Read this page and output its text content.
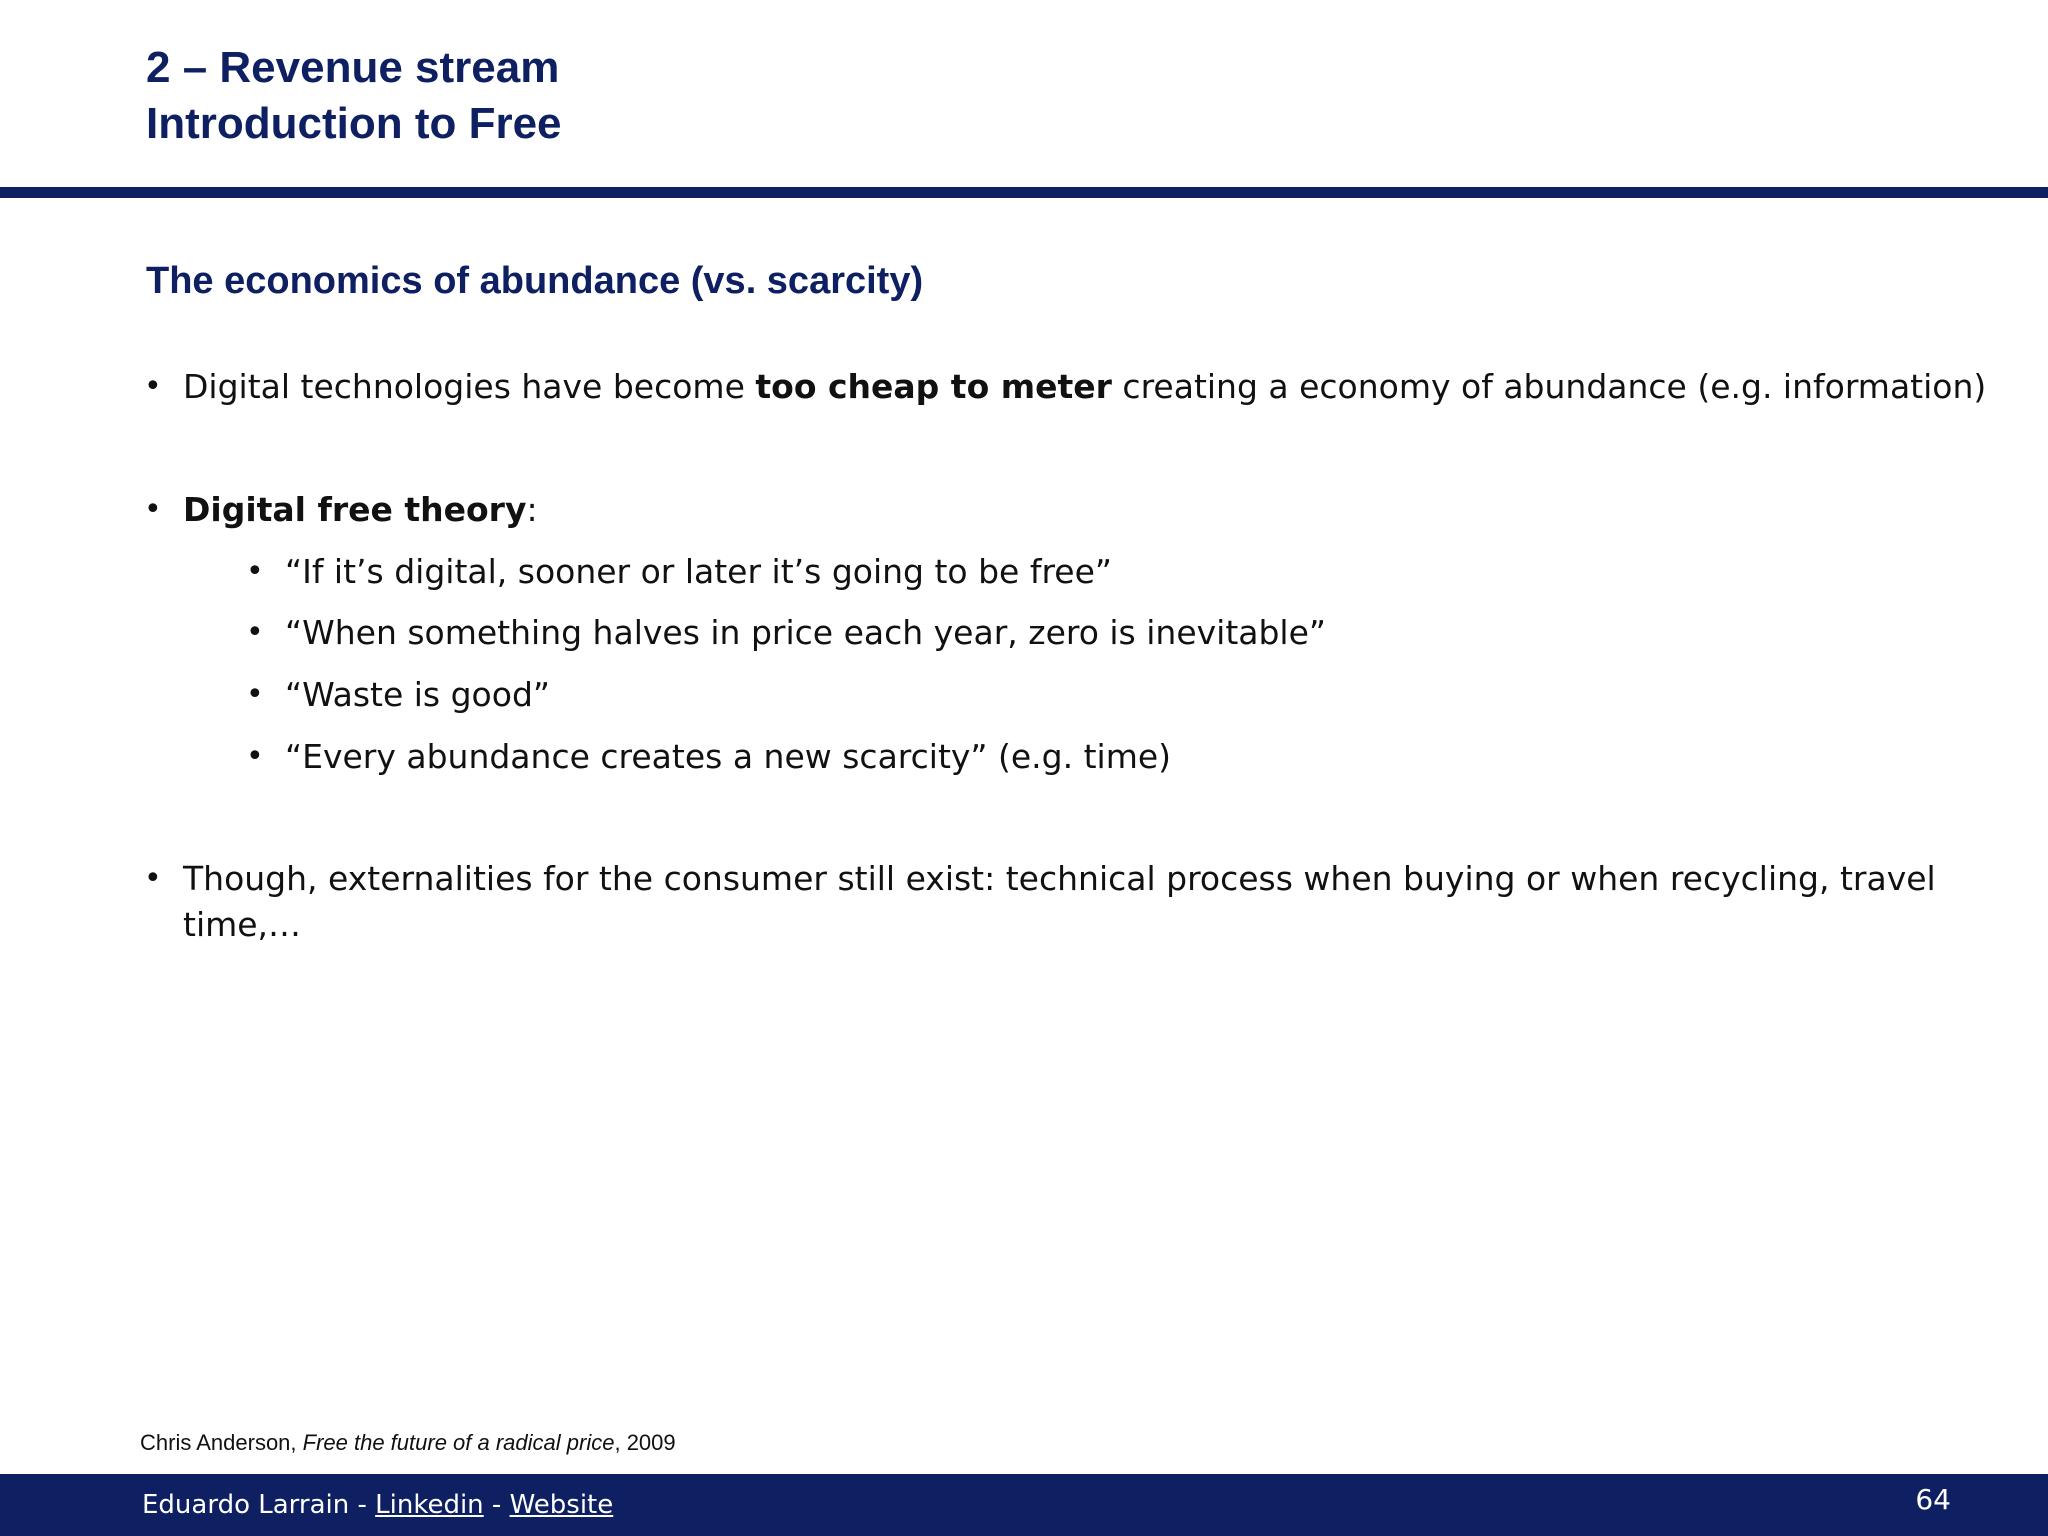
2 – Revenue stream
Introduction to Free
The economics of abundance (vs. scarcity)
• Digital technologies have become too cheap to meter creating a economy of abundance (e.g. information)
• Digital free theory:
• “If it’s digital, sooner or later it’s going to be free”
• “When something halves in price each year, zero is inevitable”
• “Waste is good”
• “Every abundance creates a new scarcity” (e.g. time)
• Though, externalities for the consumer still exist: technical process when buying or when recycling, travel
time,…
Chris Anderson, Free the future of a radical price, 2009
Eduardo Larrain - Linkedin - Website	64
